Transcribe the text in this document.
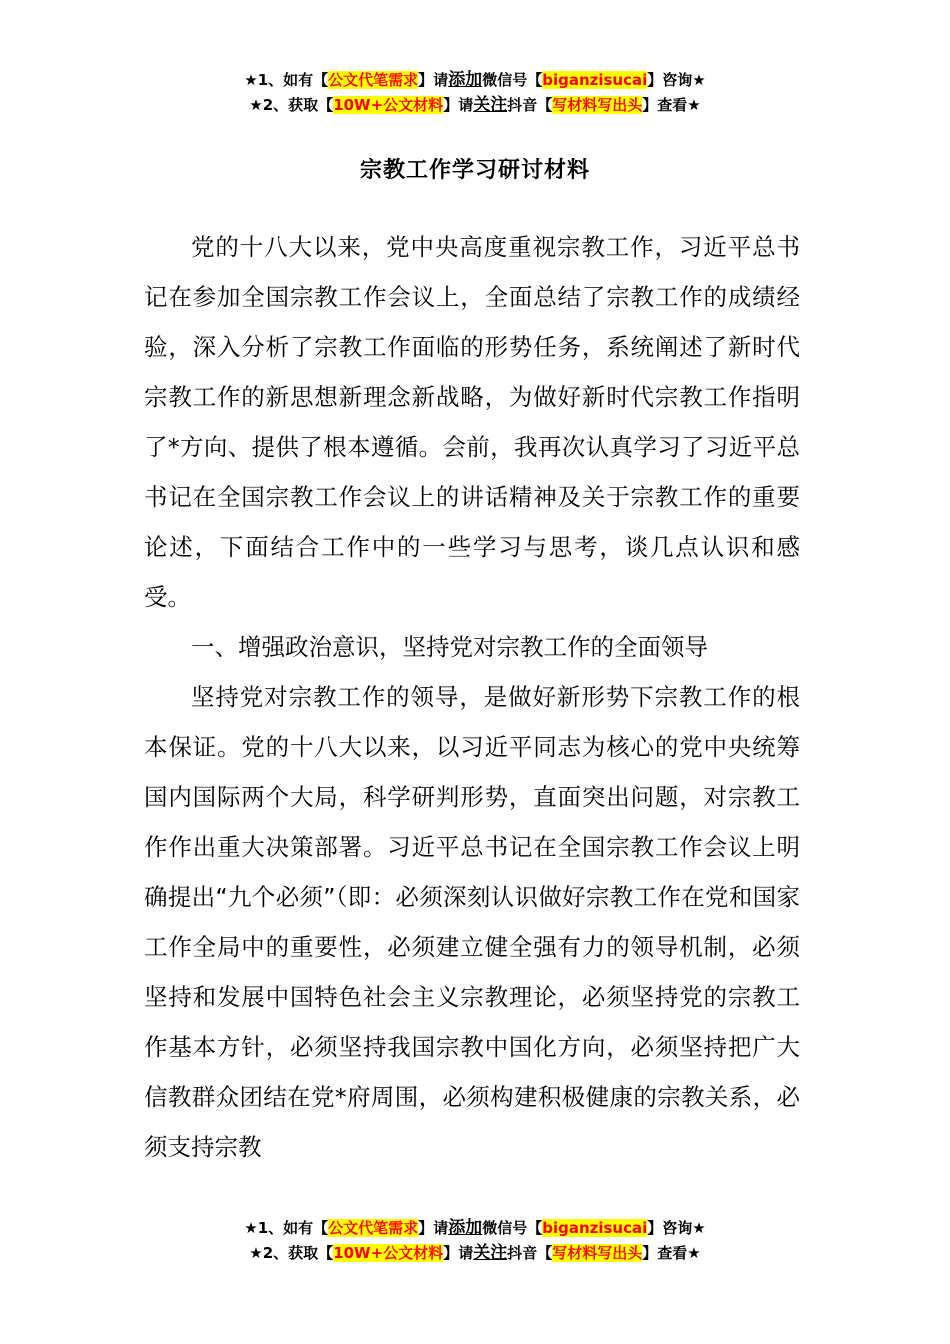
★1、如有【公文代笔需求】请添加微信号【biganzisucai】咨询★
★2、获取【10W+公文材料】请关注抖音【写材料写出头】查看★
宗教工作学习研讨材料

党的十八大以来，党中央高度重视宗教工作，习近平总书记在参加全国宗教工作会议上，全面总结了宗教工作的成绩经验，深入分析了宗教工作面临的形势任务，系统阐述了新时代宗教工作的新思想新理念新战略，为做好新时代宗教工作指明了*方向、提供了根本遵循。会前，我再次认真学习了习近平总书记在全国宗教工作会议上的讲话精神及关于宗教工作的重要论述，下面结合工作中的一些学习与思考，谈几点认识和感受。

一、增强政治意识，坚持党对宗教工作的全面领导

坚持党对宗教工作的领导，是做好新形势下宗教工作的根本保证。党的十八大以来，以习近平同志为核心的党中央统筹国内国际两个大局，科学研判形势，直面突出问题，对宗教工作作出重大决策部署。习近平总书记在全国宗教工作会议上明确提出“九个必须”（即：必须深刻认识做好宗教工作在党和国家工作全局中的重要性，必须建立健全强有力的领导机制，必须坚持和发展中国特色社会主义宗教理论，必须坚持党的宗教工作基本方针，必须坚持我国宗教中国化方向，必须坚持把广大信教群众团结在党*府周围，必须构建积极健康的宗教关系，必须支持宗教

★1、如有【公文代笔需求】请添加微信号【biganzisucai】咨询★
★2、获取【10W+公文材料】请关注抖音【写材料写出头】查看★
